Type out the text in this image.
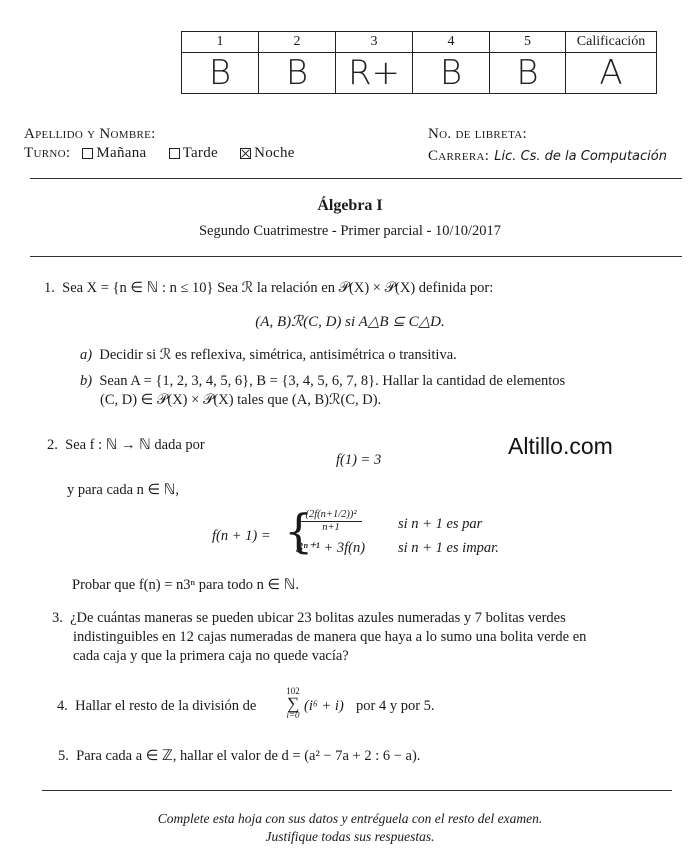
1	2	3	4	5	Calificación
B	B	R+	B	B	A
Apellido y Nombre:
Turno: Mañana Tarde Noche
No. de libreta:
Carrera: Lic. Cs. de la Computación
Álgebra I
Segundo Cuatrimestre - Primer parcial - 10/10/2017
1. Sea X = {n ∈ ℕ : n ≤ 10} Sea ℛ la relación en 𝒫(X) × 𝒫(X) definida por:
(A, B)ℛ(C, D) si A△B ⊆ C△D.
a) Decidir si ℛ es reflexiva, simétrica, antisimétrica o transitiva.
b) Sean A = {1, 2, 3, 4, 5, 6}, B = {3, 4, 5, 6, 7, 8}. Hallar la cantidad de elementos
(C, D) ∈ 𝒫(X) × 𝒫(X) tales que (A, B)ℛ(C, D).
2. Sea f : ℕ → ℕ dada por
f(1) = 3
Altillo.com
y para cada n ∈ ℕ,
f(n + 1) = {
(2f(n+1/2))²
n+1	si n + 1 es par
3ⁿ⁺¹ + 3f(n) si n + 1 es impar.
Probar que f(n) = n3ⁿ para todo n ∈ ℕ.
3. ¿De cuántas maneras se pueden ubicar 23 bolitas azules numeradas y 7 bolitas verdes
indistinguibles en 12 cajas numeradas de manera que haya a lo sumo una bolita verde en
cada caja y que la primera caja no quede vacía?
4. Hallar el resto de la división de
102
∑
i=0
(i⁶ + i) por 4 y por 5.
5. Para cada a ∈ ℤ, hallar el valor de d = (a² − 7a + 2 : 6 − a).
Complete esta hoja con sus datos y entréguela con el resto del examen.
Justifique todas sus respuestas.
